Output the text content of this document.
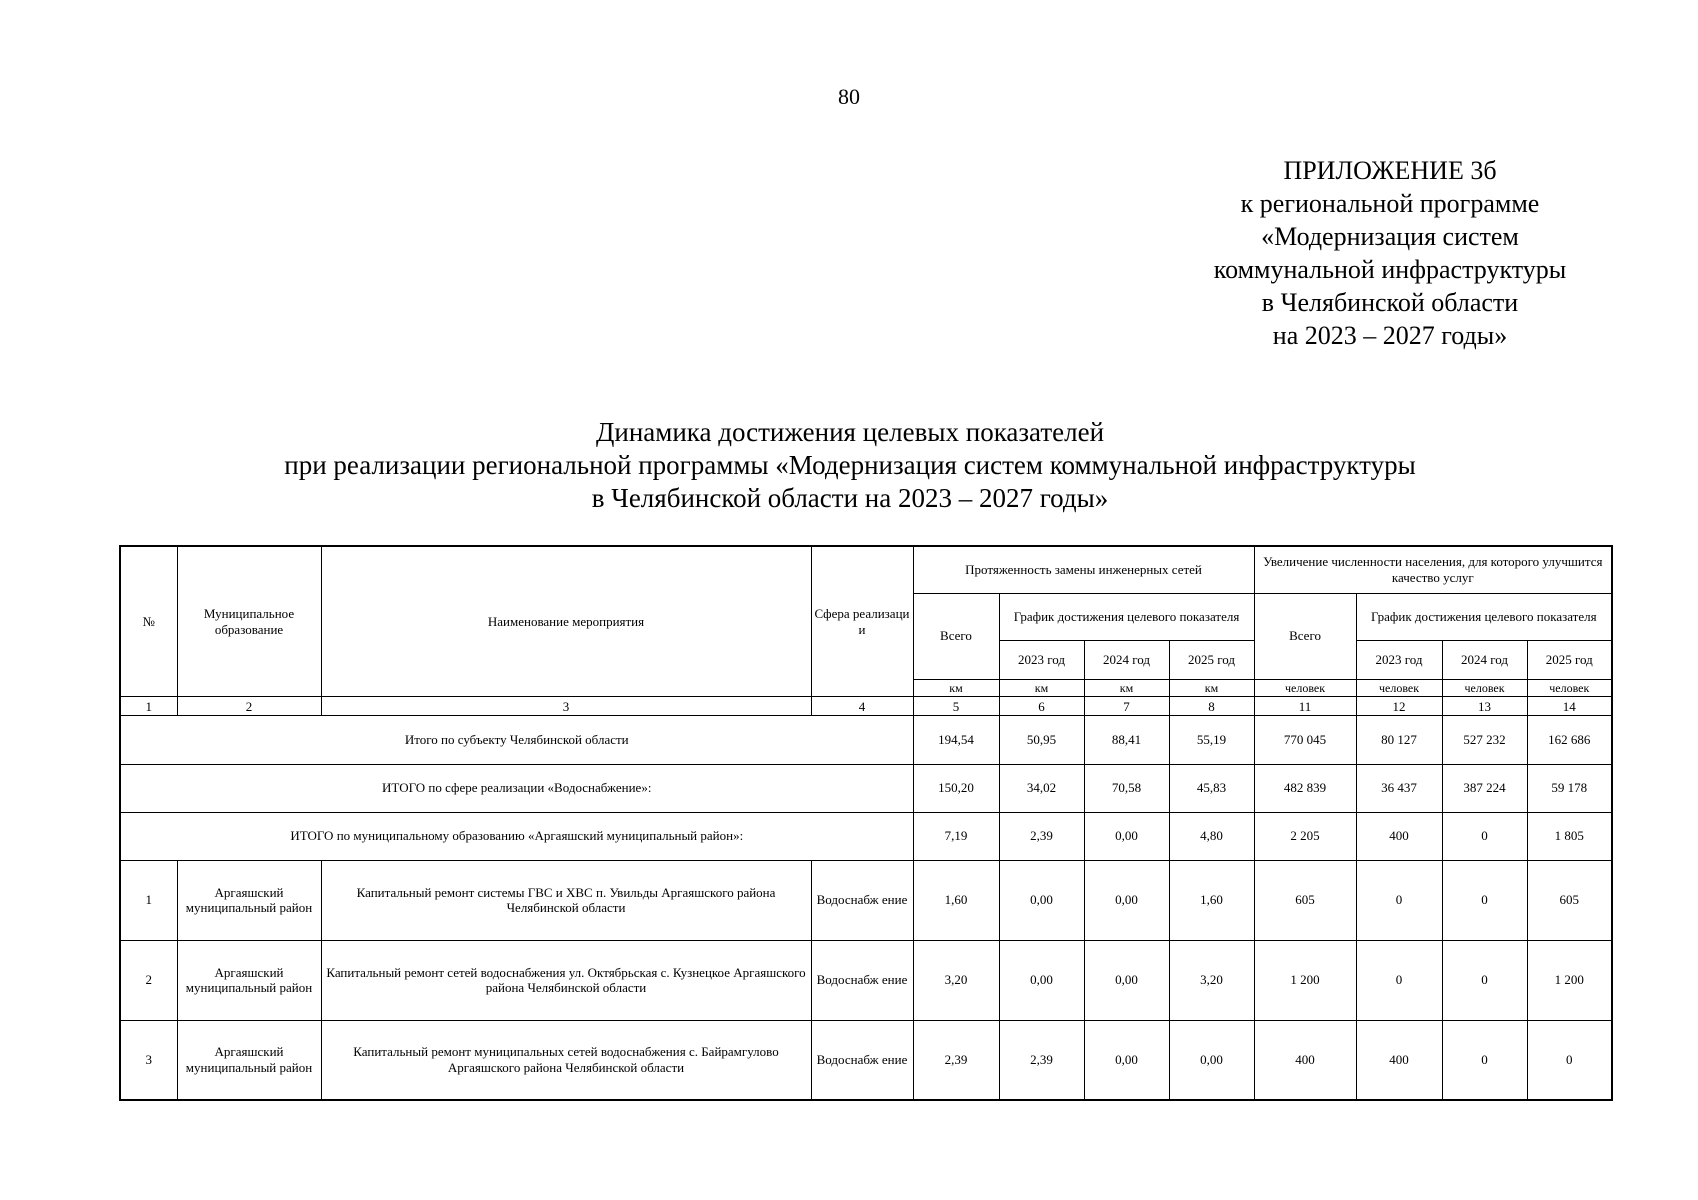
80
ПРИЛОЖЕНИЕ 3б
к региональной программе
«Модернизация систем
коммунальной инфраструктуры
в Челябинской области
на 2023 – 2027 годы»
Динамика достижения целевых показателей
при реализации региональной программы «Модернизация систем коммунальной инфраструктуры
в Челябинской области на 2023 – 2027 годы»
№	Муниципальное образование	Наименование мероприятия	Сфера реализаци и	Протяженность замены инженерных сетей				Увеличение численности населения, для которого улучшится качество услуг			
				Всего	График достижения целевого показателя			Всего	График достижения целевого показателя		
					2023 год	2024 год	2025 год		2023 год	2024 год	2025 год
				км	км	км	км	человек	человек	человек	человек
1	2	3	4	5	6	7	8	11	12	13	14
Итого по субъекту Челябинской области				194,54	50,95	88,41	55,19	770 045	80 127	527 232	162 686
ИТОГО по сфере реализации «Водоснабжение»:				150,20	34,02	70,58	45,83	482 839	36 437	387 224	59 178
ИТОГО по муниципальному образованию «Аргаяшский муниципальный район»:				7,19	2,39	0,00	4,80	2 205	400	0	1 805
1	Аргаяшский муниципальный район	Капитальный ремонт системы ГВС и ХВС п. Увильды Аргаяшского района Челябинской области	Водоснабж ение	1,60	0,00	0,00	1,60	605	0	0	605
2	Аргаяшский муниципальный район	Капитальный ремонт сетей водоснабжения ул. Октябрьская с. Кузнецкое Аргаяшского района Челябинской области	Водоснабж ение	3,20	0,00	0,00	3,20	1 200	0	0	1 200
3	Аргаяшский муниципальный район	Капитальный ремонт муниципальных сетей водоснабжения с. Байрамгулово Аргаяшского района Челябинской области	Водоснабж ение	2,39	2,39	0,00	0,00	400	400	0	0
